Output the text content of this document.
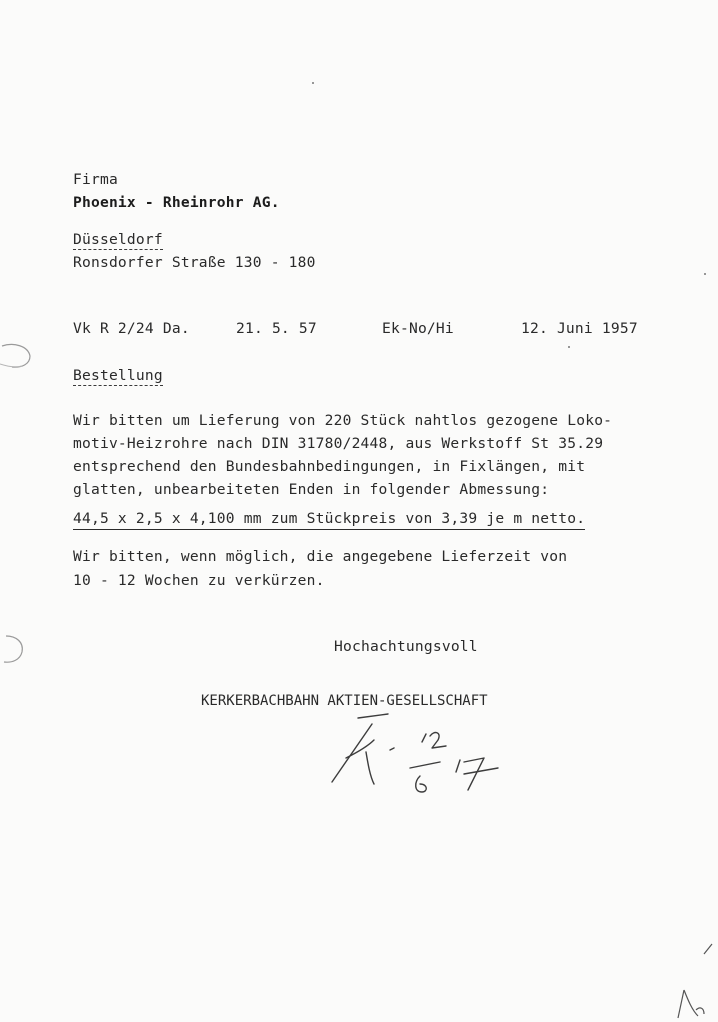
Firma
Phoenix - Rheinrohr AG.
Düsseldorf
Ronsdorfer Straße 130 - 180
Vk R 2/24 Da.	21. 5. 57	Ek-No/Hi	12. Juni 1957
Bestellung
Wir bitten um Lieferung von 220 Stück nahtlos gezogene Loko-
motiv-Heizrohre nach DIN 31780/2448, aus Werkstoff St 35.29
entsprechend den Bundesbahnbedingungen, in Fixlängen, mit
glatten, unbearbeiteten Enden in folgender Abmessung:
44,5 x 2,5 x 4,100 mm zum Stückpreis von 3,39 je m netto.
Wir bitten, wenn möglich, die angegebene Lieferzeit von
10 - 12 Wochen zu verkürzen.
Hochachtungsvoll
KERKERBACHBAHN AKTIEN-GESELLSCHAFT
